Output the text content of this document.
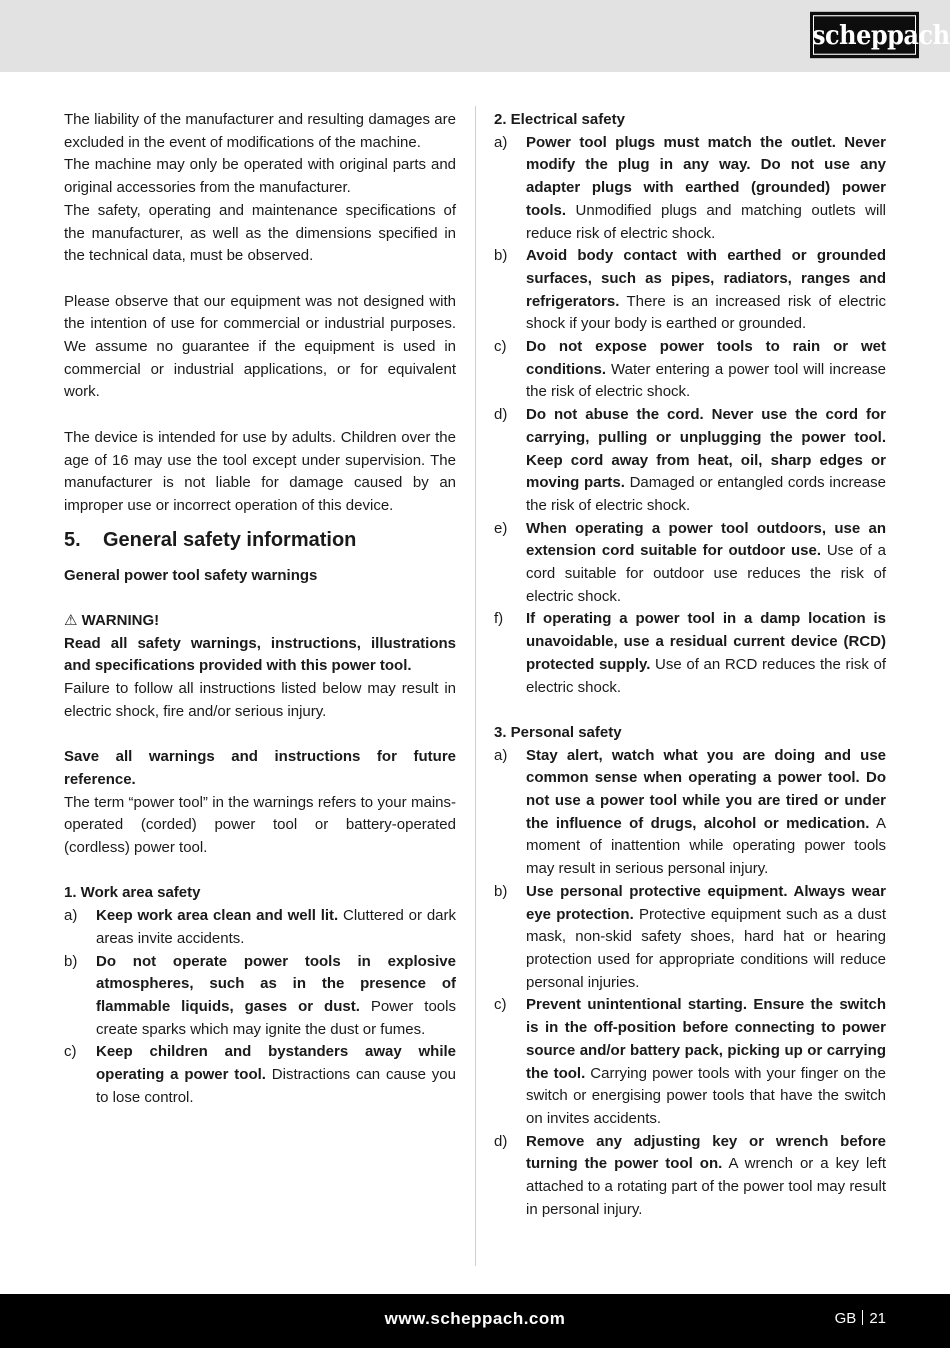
scheppach

The liability of the manufacturer and resulting damages are excluded in the event of modifications of the machine.

The machine may only be operated with original parts and original accessories from the manufacturer.

The safety, operating and maintenance specifications of the manufacturer, as well as the dimensions specified in the technical data, must be observed.

Please observe that our equipment was not designed with the intention of use for commercial or industrial purposes. We assume no guarantee if the equipment is used in commercial or industrial applications, or for equivalent work.

The device is intended for use by adults. Children over the age of 16 may use the tool except under supervision. The manufacturer is not liable for damage caused by an improper use or incorrect operation of this device.

5.	General safety information

General power tool safety warnings

⚠ WARNING!

Read all safety warnings, instructions, illustrations and specifications provided with this power tool.

Failure to follow all instructions listed below may result in electric shock, fire and/or serious injury.

Save all warnings and instructions for future reference.

The term “power tool” in the warnings refers to your mains-operated (corded) power tool or battery-operated (cordless) power tool.

1. Work area safety

a)	Keep work area clean and well lit. Cluttered or dark areas invite accidents.
b)	Do not operate power tools in explosive atmospheres, such as in the presence of flammable liquids, gases or dust. Power tools create sparks which may ignite the dust or fumes.
c)	Keep children and bystanders away while operating a power tool. Distractions can cause you to lose control.

2. Electrical safety

a)	Power tool plugs must match the outlet. Never modify the plug in any way. Do not use any adapter plugs with earthed (grounded) power tools. Unmodified plugs and matching outlets will reduce risk of electric shock.
b)	Avoid body contact with earthed or grounded surfaces, such as pipes, radiators, ranges and refrigerators. There is an increased risk of electric shock if your body is earthed or grounded.
c)	Do not expose power tools to rain or wet conditions. Water entering a power tool will increase the risk of electric shock.
d)	Do not abuse the cord. Never use the cord for carrying, pulling or unplugging the power tool. Keep cord away from heat, oil, sharp edges or moving parts. Damaged or entangled cords increase the risk of electric shock.
e)	When operating a power tool outdoors, use an extension cord suitable for outdoor use. Use of a cord suitable for outdoor use reduces the risk of electric shock.
f)	If operating a power tool in a damp location is unavoidable, use a residual current device (RCD) protected supply. Use of an RCD reduces the risk of electric shock.

3. Personal safety

a)	Stay alert, watch what you are doing and use common sense when operating a power tool. Do not use a power tool while you are tired or under the influence of drugs, alcohol or medication. A moment of inattention while operating power tools may result in serious personal injury.
b)	Use personal protective equipment. Always wear eye protection. Protective equipment such as a dust mask, non-skid safety shoes, hard hat or hearing protection used for appropriate conditions will reduce personal injuries.
c)	Prevent unintentional starting. Ensure the switch is in the off-position before connecting to power source and/or battery pack, picking up or carrying the tool. Carrying power tools with your finger on the switch or energising power tools that have the switch on invites accidents.
d)	Remove any adjusting key or wrench before turning the power tool on. A wrench or a key left attached to a rotating part of the power tool may result in personal injury.
www.scheppach.com	GB 21
